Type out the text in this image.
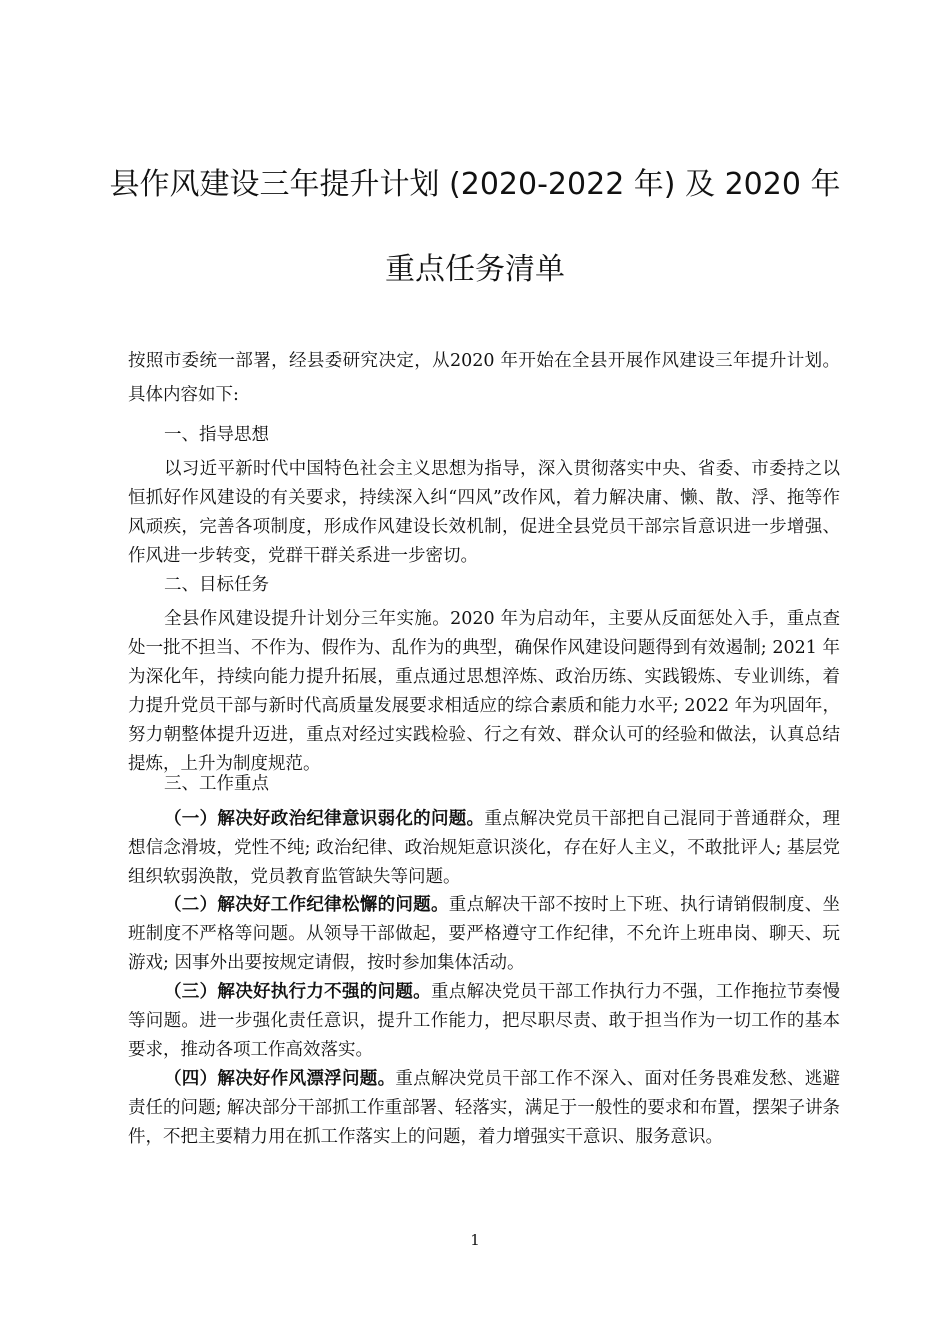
县作风建设三年提升计划 (2020-2022 年) 及 2020 年
重点任务清单

按照市委统一部署，经县委研究决定，从2020 年开始在全县开展作风建设三年提升计划。具体内容如下:

一、指导思想

以习近平新时代中国特色社会主义思想为指导，深入贯彻落实中央、省委、市委持之以恒抓好作风建设的有关要求，持续深入纠“四风”改作风，着力解决庸、懒、散、浮、拖等作风顽疾，完善各项制度，形成作风建设长效机制，促进全县党员干部宗旨意识进一步增强、作风进一步转变，党群干群关系进一步密切。

二、目标任务

全县作风建设提升计划分三年实施。2020 年为启动年，主要从反面惩处入手，重点查处一批不担当、不作为、假作为、乱作为的典型，确保作风建设问题得到有效遏制; 2021 年为深化年，持续向能力提升拓展，重点通过思想淬炼、政治历练、实践锻炼、专业训练，着力提升党员干部与新时代高质量发展要求相适应的综合素质和能力水平; 2022 年为巩固年，努力朝整体提升迈进，重点对经过实践检验、行之有效、群众认可的经验和做法，认真总结提炼，上升为制度规范。

三、工作重点

（一）解决好政治纪律意识弱化的问题。重点解决党员干部把自己混同于普通群众，理想信念滑坡，党性不纯; 政治纪律、政治规矩意识淡化，存在好人主义，不敢批评人; 基层党组织软弱涣散，党员教育监管缺失等问题。

（二）解决好工作纪律松懈的问题。重点解决干部不按时上下班、执行请销假制度、坐班制度不严格等问题。从领导干部做起，要严格遵守工作纪律，不允许上班串岗、聊天、玩游戏; 因事外出要按规定请假，按时参加集体活动。

（三）解决好执行力不强的问题。重点解决党员干部工作执行力不强，工作拖拉节奏慢等问题。进一步强化责任意识，提升工作能力，把尽职尽责、敢于担当作为一切工作的基本要求，推动各项工作高效落实。

（四）解决好作风漂浮问题。重点解决党员干部工作不深入、面对任务畏难发愁、逃避责任的问题; 解决部分干部抓工作重部署、轻落实，满足于一般性的要求和布置，摆架子讲条件，不把主要精力用在抓工作落实上的问题，着力增强实干意识、服务意识。

1
